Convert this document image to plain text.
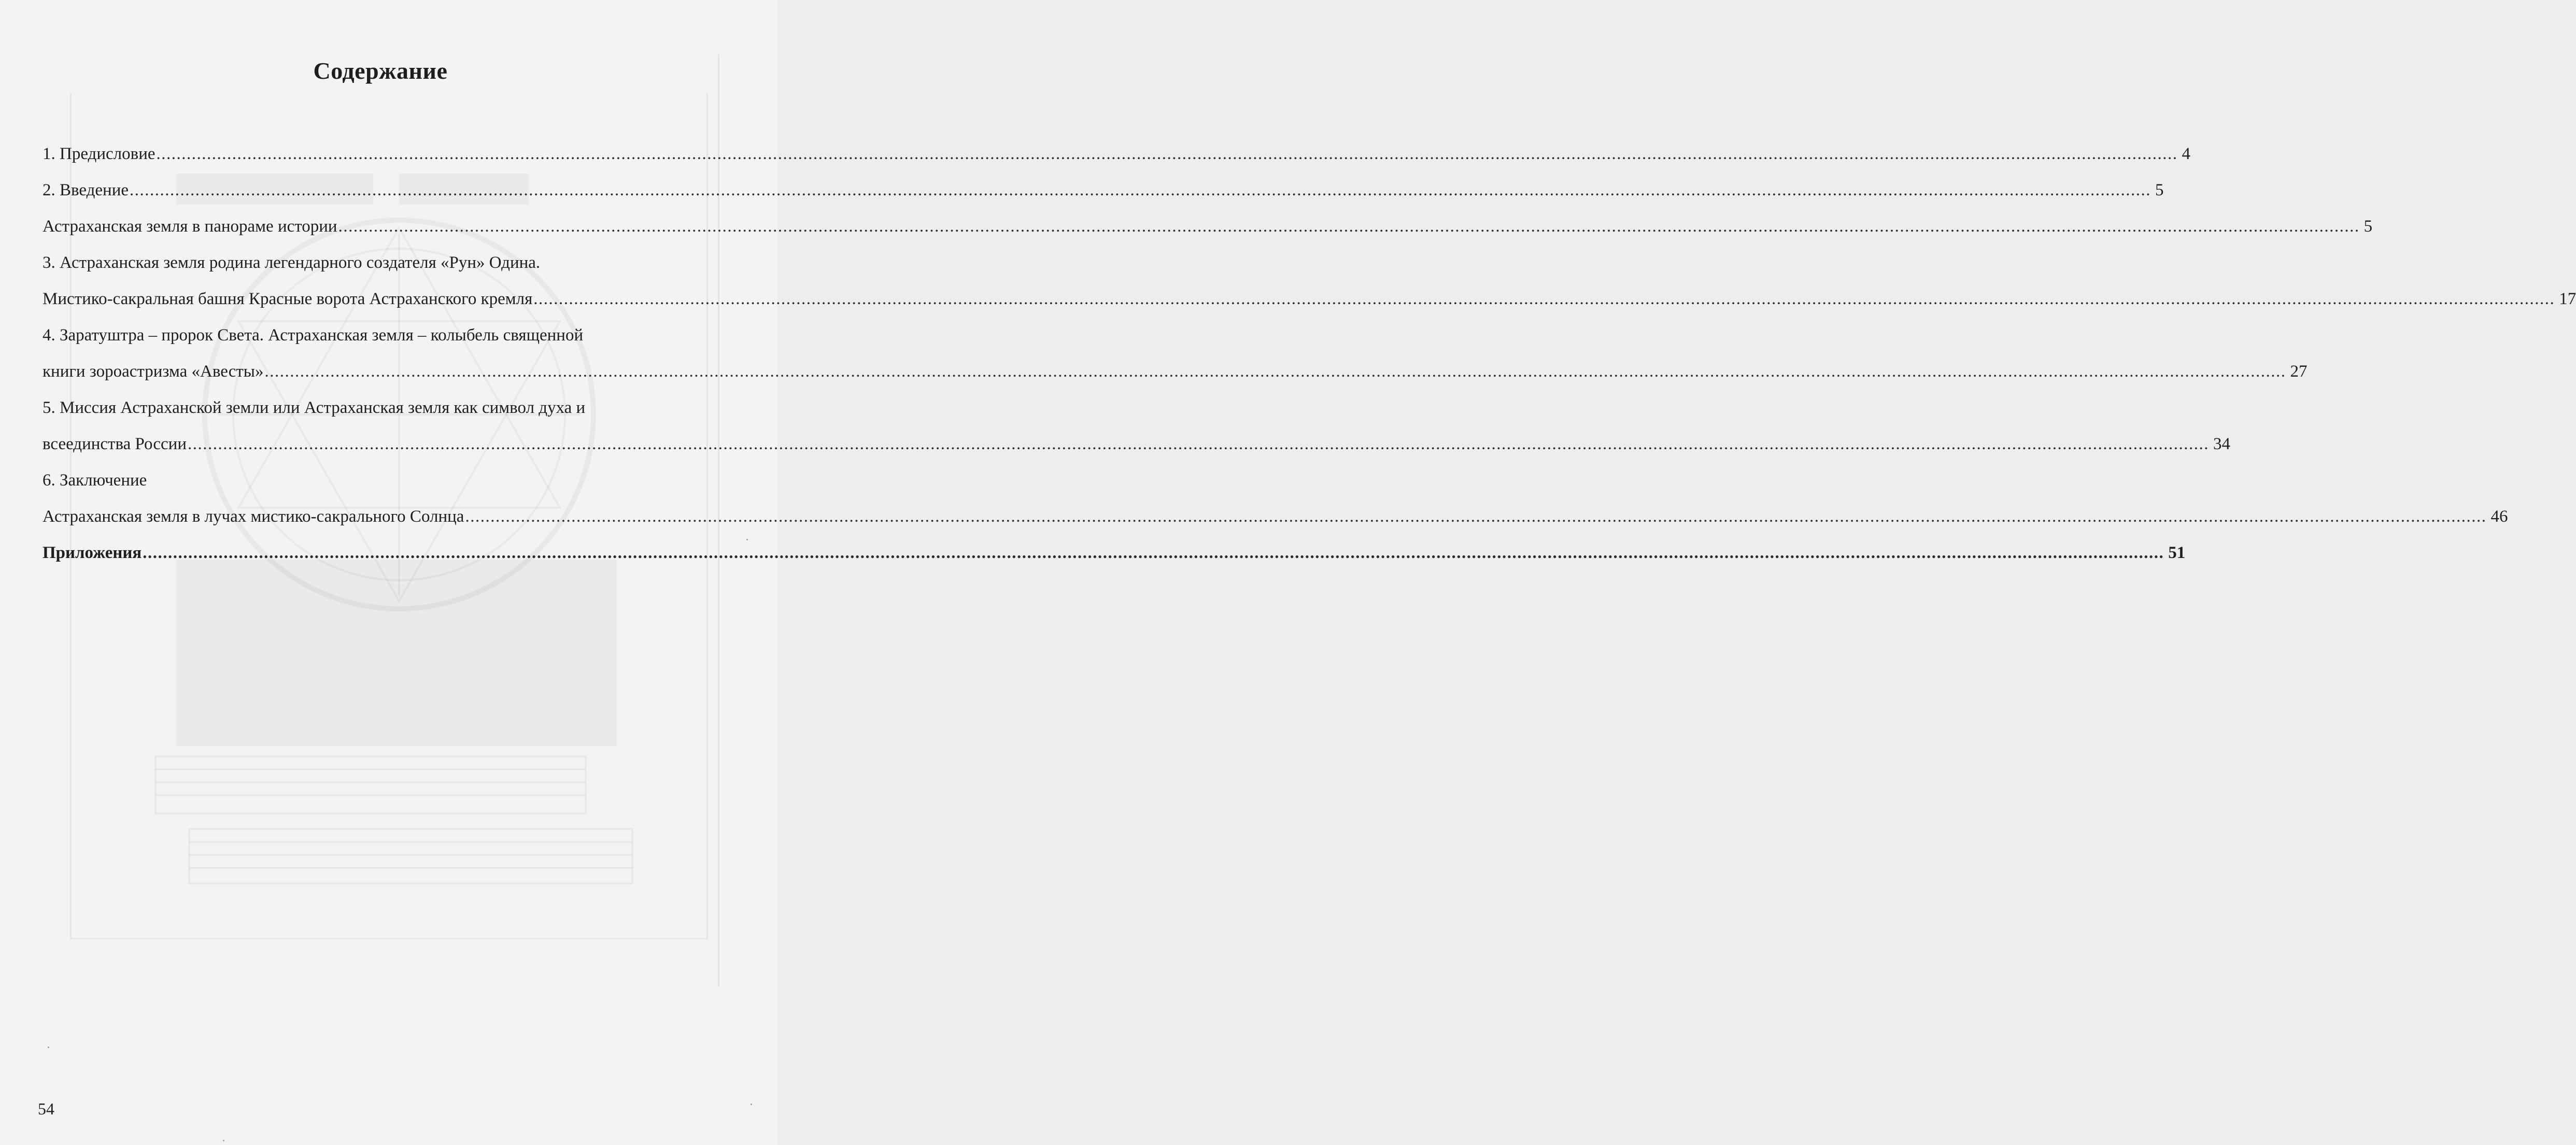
Содержание
1. Предисловие ................................................................................................................................................................................................................................................................................................................................................................................................................ 4
2. Введение ................................................................................................................................................................................................................................................................................................................................................................................................................ 5
Астраханская земля в панораме истории ................................................................................................................................................................................................................................................................................................................................................................................................................ 5
3. Астраханская земля родина легендарного создателя «Рун» Одина.
Мистико-сакральная башня Красные ворота Астраханского кремля ................................................................................................................................................................................................................................................................................................................................................................................................................ 17
4. Заратуштра – пророк Света. Астраханская земля – колыбель священной
книги зороастризма «Авесты» ................................................................................................................................................................................................................................................................................................................................................................................................................ 27
5. Миссия Астраханской земли или Астраханская земля как символ духа и
всеединства России ................................................................................................................................................................................................................................................................................................................................................................................................................ 34
6. Заключение
Астраханская земля в лучах мистико-сакрального Солнца ................................................................................................................................................................................................................................................................................................................................................................................................................ 46
Приложения ................................................................................................................................................................................................................................................................................................................................................................................................................ 51
54
